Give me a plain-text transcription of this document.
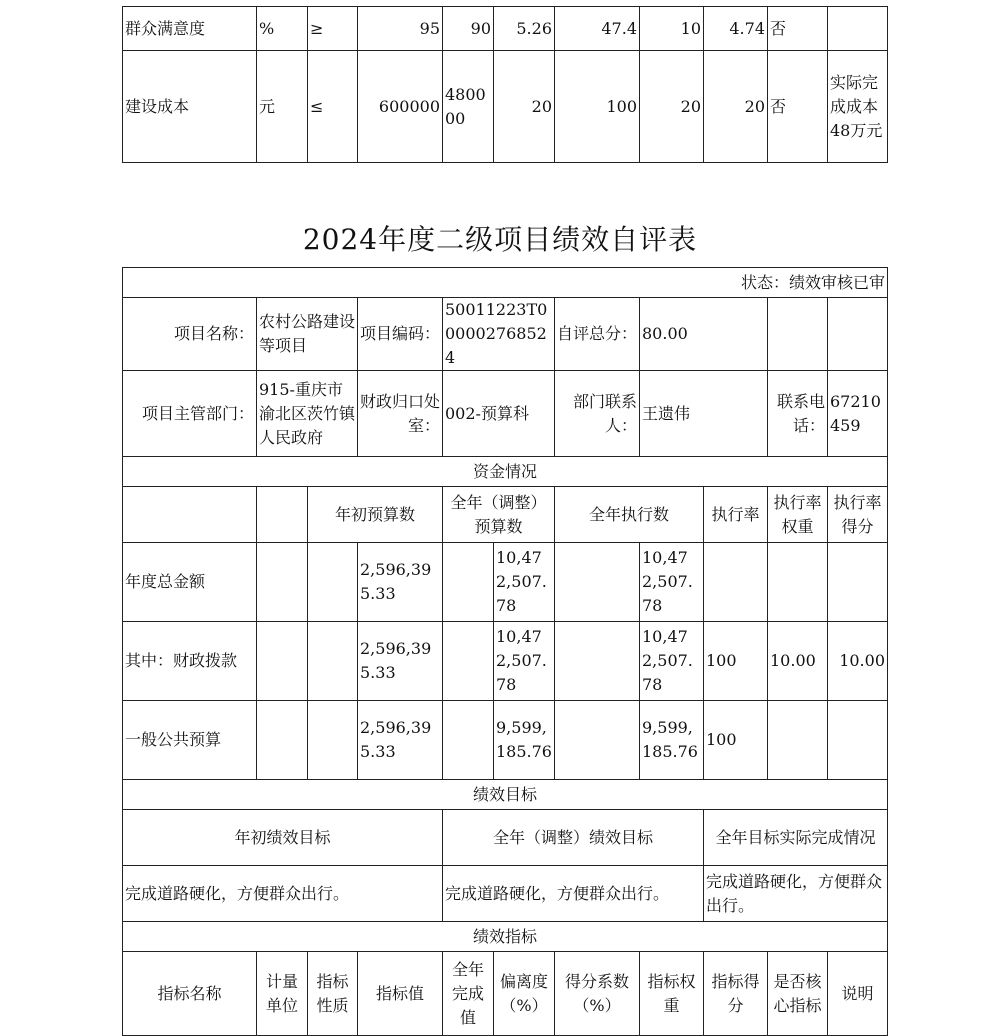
群众满意度	%	≥	95	90	5.26	47.4	10	4.74	否	
建设成本	元	≤	600000	480000	20	100	20	20	否	实际完成成本48万元
2024年度二级项目绩效自评表
状态：绩效审核已审										
项目名称：	农村公路建设等项目		项目编码：	50011223T000002768524		自评总分：	80.00			
项目主管部门：	915-重庆市渝北区茨竹镇人民政府		财政归口处室：	002-预算科		部门联系人：	王遗伟		联系电话：	67210459
资金情况										
		年初预算数		全年（调整）预算数		全年执行数		执行率	执行率权重	执行率得分
年度总金额			2,596,395.33		10,472,507.78		10,472,507.78			
其中：财政拨款			2,596,395.33		10,472,507.78		10,472,507.78	100	10.00	10.00
一般公共预算			2,596,395.33		9,599,185.76		9,599,185.76	100		
绩效目标										
年初绩效目标				全年（调整）绩效目标				全年目标实际完成情况		
完成道路硬化，方便群众出行。				完成道路硬化，方便群众出行。				完成道路硬化，方便群众出行。		
绩效指标										
指标名称	计量单位	指标性质	指标值	全年完成值	偏离度（%）	得分系数（%）	指标权重	指标得分	是否核心指标	说明
